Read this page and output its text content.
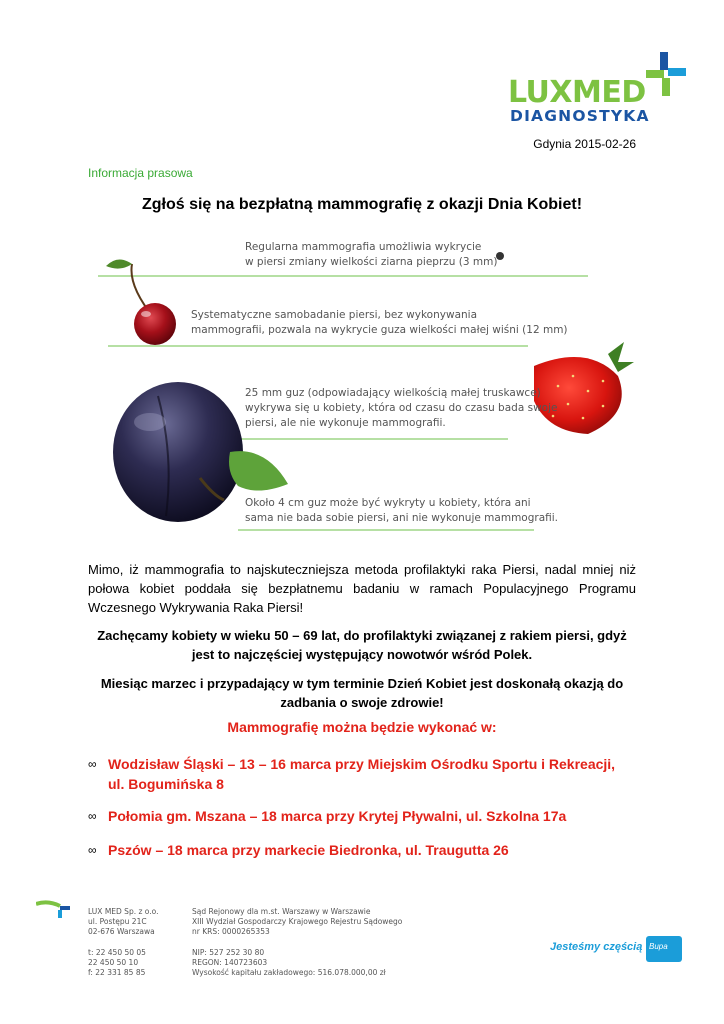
LUXMED
DIAGNOSTYKA
Gdynia 2015-02-26
Informacja prasowa
Zgłoś się na bezpłatną mammografię z okazji Dnia Kobiet!
Regularna mammografia umożliwia wykrycie
w piersi zmiany wielkości ziarna pieprzu (3 mm)
Systematyczne samobadanie piersi, bez wykonywania
mammografii, pozwala na wykrycie guza wielkości małej wiśni (12 mm)
25 mm guz (odpowiadający wielkością małej truskawce)
wykrywa się u kobiety, która od czasu do czasu bada swoje
piersi, ale nie wykonuje mammografii.
Około 4 cm guz może być wykryty u kobiety, która ani
sama nie bada sobie piersi, ani nie wykonuje mammografii.
Mimo, iż mammografia to najskuteczniejsza metoda profilaktyki raka Piersi, nadal mniej niż połowa kobiet poddała się bezpłatnemu badaniu w ramach Populacyjnego Programu Wczesnego Wykrywania Raka Piersi!
Zachęcamy kobiety w wieku 50 – 69 lat, do profilaktyki związanej z rakiem piersi, gdyż jest to najczęściej występujący nowotwór wśród Polek.
Miesiąc marzec i przypadający w tym terminie Dzień Kobiet jest doskonałą okazją do zadbania o swoje zdrowie!
Mammografię można będzie wykonać w:
∞ Wodzisław Śląski – 13 – 16 marca przy Miejskim Ośrodku Sportu i Rekreacji, ul. Bogumińska 8
∞ Połomia gm. Mszana – 18 marca przy Krytej Pływalni, ul. Szkolna 17a
∞ Pszów – 18 marca przy markecie Biedronka, ul. Traugutta 26
LUX MED Sp. z o.o.
ul. Postępu 21C
02-676 Warszawa

t: 22 450 50 05
22 450 50 10
f: 22 331 85 85
Sąd Rejonowy dla m.st. Warszawy w Warszawie
XIII Wydział Gospodarczy Krajowego Rejestru Sądowego
nr KRS: 0000265353

NIP: 527 252 30 80
REGON: 140723603
Wysokość kapitału zakładowego: 516.078.000,00 zł
Jesteśmy częścią Bupa
